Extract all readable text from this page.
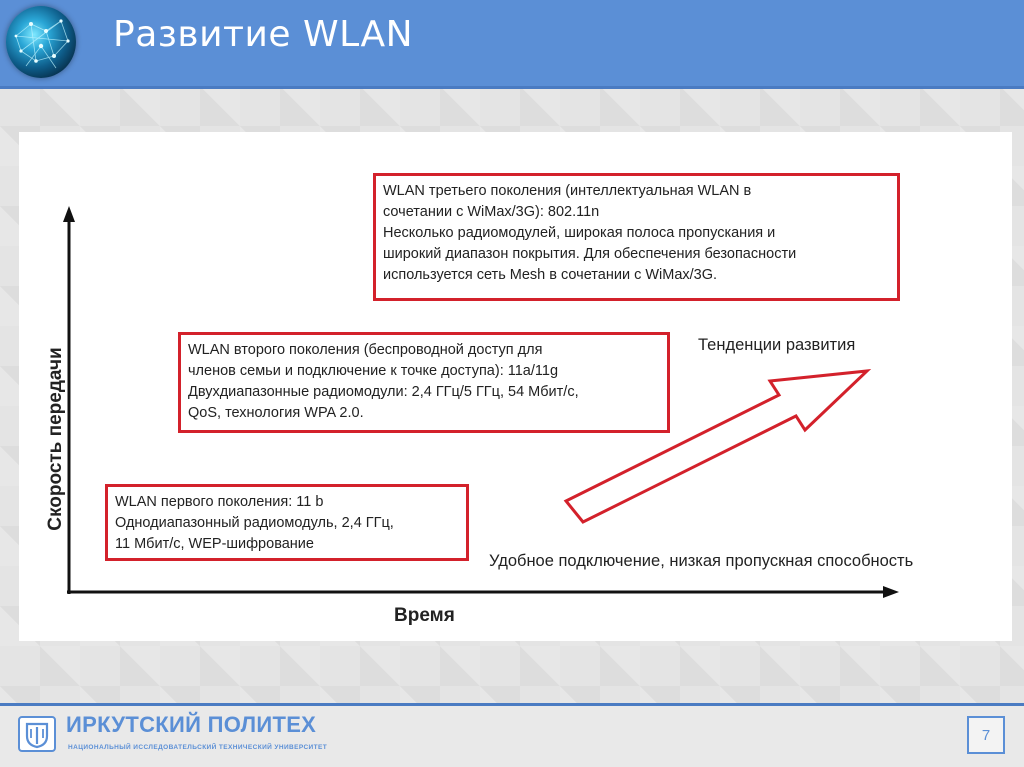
Развитие WLAN
WLAN третьего поколения (интеллектуальная WLAN в
сочетании с WiMax/3G): 802.11n
Несколько радиомодулей, широкая полоса пропускания и
широкий диапазон покрытия. Для обеспечения безопасности
используется сеть Mesh в сочетании с WiMax/3G.
WLAN второго поколения (беспроводной доступ для
членов семьи и подключение к точке доступа): 11a/11g
Двухдиапазонные радиомодули: 2,4 ГГц/5 ГГц, 54 Мбит/с,
QoS, технология WPA 2.0.
WLAN первого поколения: 11 b
Однодиапазонный радиомодуль, 2,4 ГГц,
11 Мбит/с, WEP-шифрование
Тенденции развития
Удобное подключение, низкая пропускная способность
Скорость передачи
Время
ИРКУТСКИЙ ПОЛИТЕХ
НАЦИОНАЛЬНЫЙ ИССЛЕДОВАТЕЛЬСКИЙ ТЕХНИЧЕСКИЙ УНИВЕРСИТЕТ
7
